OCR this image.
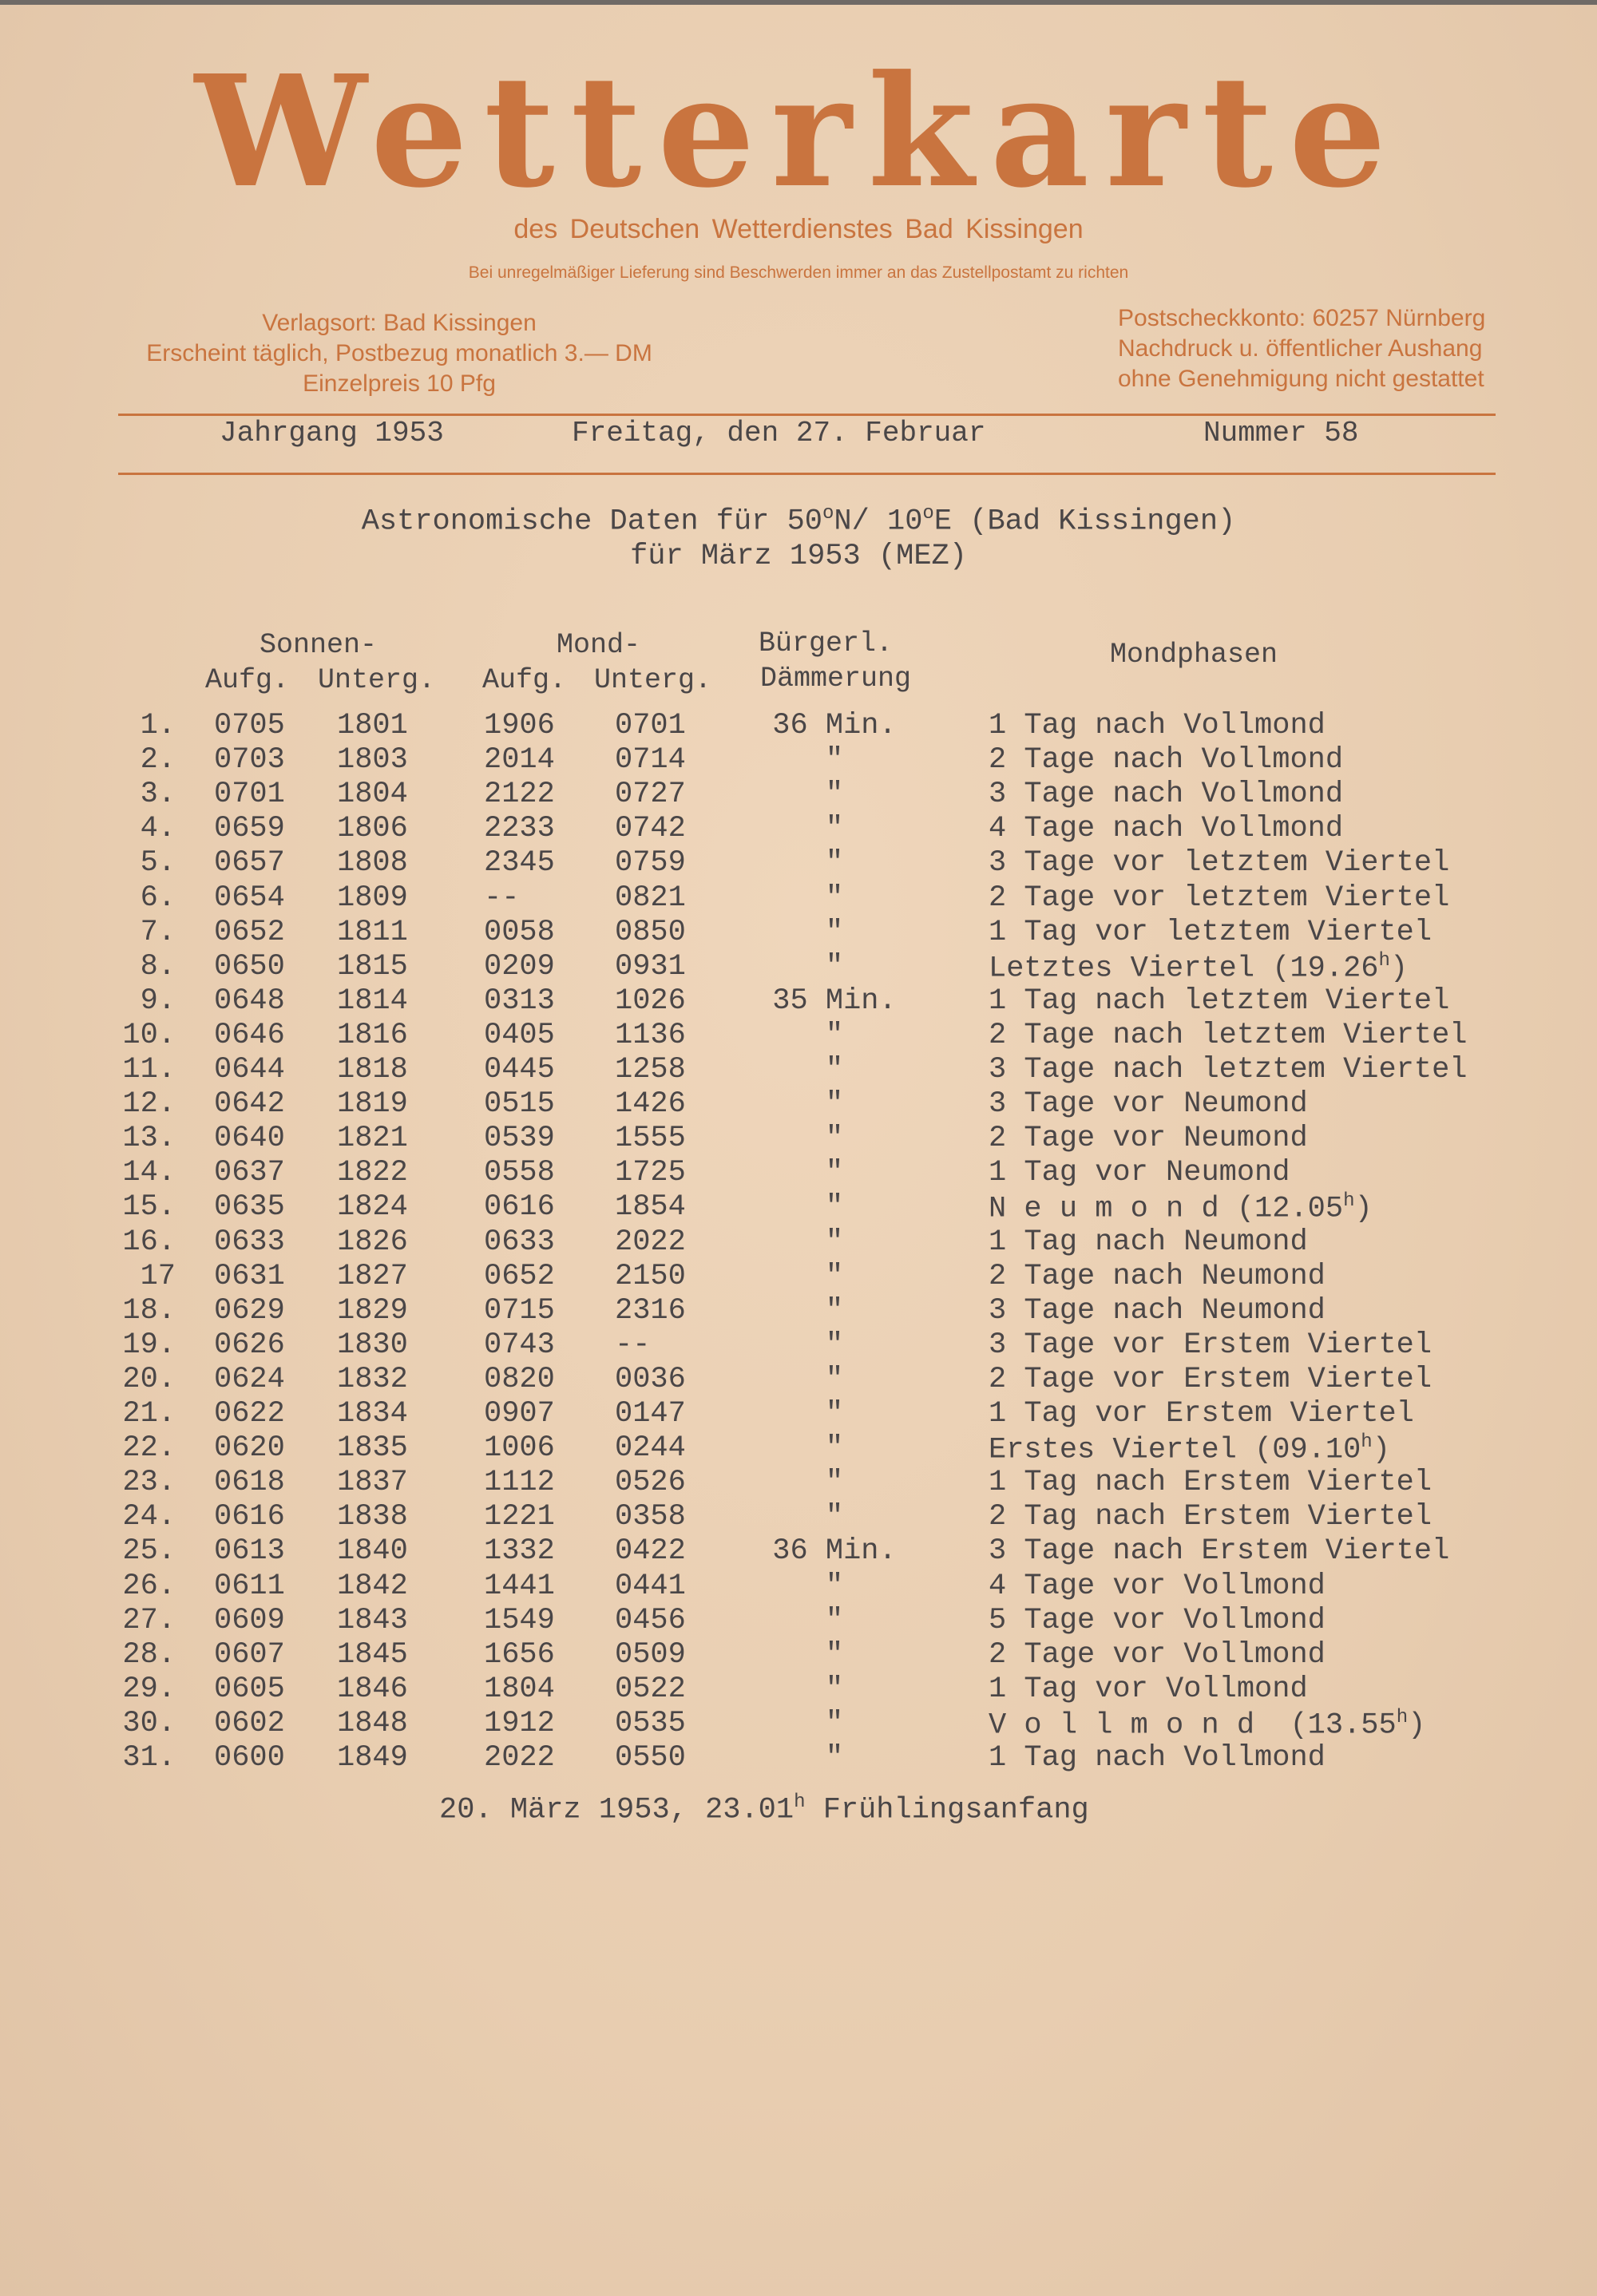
Wetterkarte
des Deutschen Wetterdienstes Bad Kissingen
Bei unregelmäßiger Lieferung sind Beschwerden immer an das Zustellpostamt zu richten
Verlagsort: Bad Kissingen
Erscheint täglich, Postbezug monatlich 3.— DM
Einzelpreis 10 Pfg
Postscheckkonto: 60257 Nürnberg
Nachdruck u. öffentlicher Aushang
ohne Genehmigung nicht gestattet
Jahrgang 1953	Freitag, den 27. Februar	Nummer 58
Astronomische Daten für 50$^o$N/ 10$^o$E (Bad Kissingen)
für März 1953 (MEZ)
Sonnen-	Mond-	Bürgerl.	Mondphasen
Aufg. Unterg. Aufg. Unterg. Dämmerung
1. 0705 1801	1906 0701	36 Min.	1 Tag nach Vollmond
2. 0703 1803	2014 0714	"	2 Tage nach Vollmond
3. 0701 1804	2122 0727	"	3 Tage nach Vollmond
4. 0659 1806	2233 0742	"	4 Tage nach Vollmond
5. 0657 1808	2345 0759	"	3 Tage vor letztem Viertel
6. 0654 1809	--	0821	"	2 Tage vor letztem Viertel
7. 0652 1811	0058 0850	"	1 Tag vor letztem Viertel
8. 0650 1815	0209 0931	"	Letztes Viertel (19.26$^h$)
9. 0648 1814	0313 1026	35 Min.	1 Tag nach letztem Viertel
10. 0646 1816	0405 1136	"	2 Tage nach letztem Viertel
11. 0644 1818	0445 1258	"	3 Tage nach letztem Viertel
12. 0642 1819	0515 1426	"	3 Tage vor Neumond
13. 0640 1821	0539 1555	"	2 Tage vor Neumond
14. 0637 1822	0558 1725	"	1 Tag vor Neumond
15. 0635 1824	0616 1854	"	N e u m o n d (12.05$^h$)
16. 0633 1826	0633 2022	"	1 Tag nach Neumond
17 0631 1827	0652 2150	"	2 Tage nach Neumond
18. 0629 1829	0715 2316	"	3 Tage nach Neumond
19. 0626 1830	0743 --	"	3 Tage vor Erstem Viertel
20. 0624 1832	0820 0036	"	2 Tage vor Erstem Viertel
21. 0622 1834	0907 0147	"	1 Tag vor Erstem Viertel
22. 0620 1835	1006 0244	"	Erstes Viertel (09.10$^h$)
23. 0618 1837	1112 0526	"	1 Tag nach Erstem Viertel
24. 0616 1838	1221 0358	"	2 Tag nach Erstem Viertel
25. 0613 1840	1332 0422	36 Min.	3 Tage nach Erstem Viertel
26. 0611 1842	1441 0441	"	4 Tage vor Vollmond
27. 0609 1843	1549 0456	"	5 Tage vor Vollmond
28. 0607 1845	1656 0509	"	2 Tage vor Vollmond
29. 0605 1846	1804 0522	"	1 Tag vor Vollmond
30. 0602 1848	1912 0535	"	V o l l m o n d  (13.55$^h$)
31. 0600 1849	2022 0550	"	1 Tag nach Vollmond
20. März 1953, 23.01$^h$ Frühlingsanfang
